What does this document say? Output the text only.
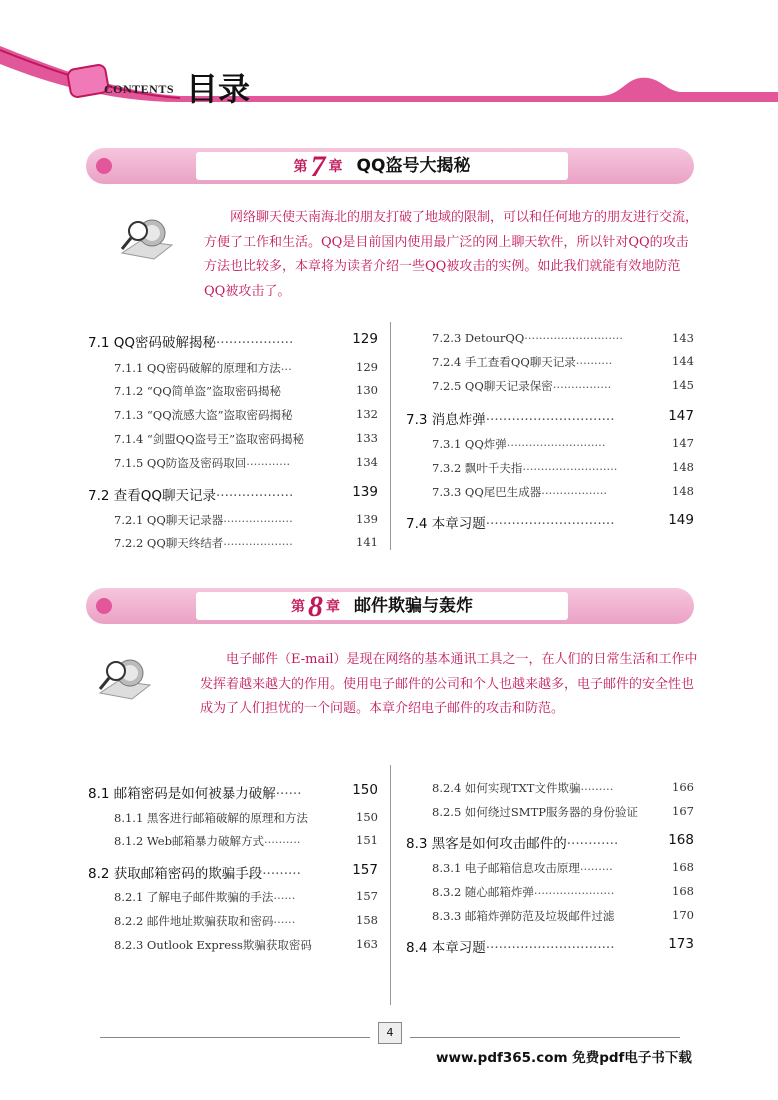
CONTENTS 目录
第 7 章 QQ盗号大揭秘
网络聊天使天南海北的朋友打破了地域的限制，可以和任何地方的朋友进行交流，方便了工作和生活。QQ是目前国内使用最广泛的网上聊天软件，所以针对QQ的攻击方法也比较多，本章将为读者介绍一些QQ被攻击的实例。如此我们就能有效地防范QQ被攻击了。
7.1 QQ密码破解揭秘··················	129
7.1.1 QQ密码破解的原理和方法···	129
7.1.2 “QQ简单盗”盗取密码揭秘	130
7.1.3 “QQ流感大盗”盗取密码揭秘	132
7.1.4 “剑盟QQ盗号王”盗取密码揭秘	133
7.1.5 QQ防盗及密码取回············	134
7.2 查看QQ聊天记录··················	139
7.2.1 QQ聊天记录器···················	139
7.2.2 QQ聊天终结者···················	141
7.2.3 DetourQQ···························	143
7.2.4 手工查看QQ聊天记录··········	144
7.2.5 QQ聊天记录保密················	145
7.3 消息炸弹······························	147
7.3.1 QQ炸弹···························	147
7.3.2 飘叶千夫指··························	148
7.3.3 QQ尾巴生成器··················	148
7.4 本章习题······························	149
第 8 章 邮件欺骗与轰炸
电子邮件（E-mail）是现在网络的基本通讯工具之一，在人们的日常生活和工作中发挥着越来越大的作用。使用电子邮件的公司和个人也越来越多，电子邮件的安全性也成为了人们担忧的一个问题。本章介绍电子邮件的攻击和防范。
8.1 邮箱密码是如何被暴力破解······	150
8.1.1 黑客进行邮箱破解的原理和方法	150
8.1.2 Web邮箱暴力破解方式··········	151
8.2 获取邮箱密码的欺骗手段·········	157
8.2.1 了解电子邮件欺骗的手法······	157
8.2.2 邮件地址欺骗获取和密码······	158
8.2.3 Outlook Express欺骗获取密码	163
8.2.4 如何实现TXT文件欺骗·········	166
8.2.5 如何绕过SMTP服务器的身份验证	167
8.3 黑客是如何攻击邮件的············	168
8.3.1 电子邮箱信息攻击原理·········	168
8.3.2 随心邮箱炸弹······················	168
8.3.3 邮箱炸弹防范及垃圾邮件过滤	170
8.4 本章习题······························	173
4
www.pdf365.com 免费pdf电子书下载
